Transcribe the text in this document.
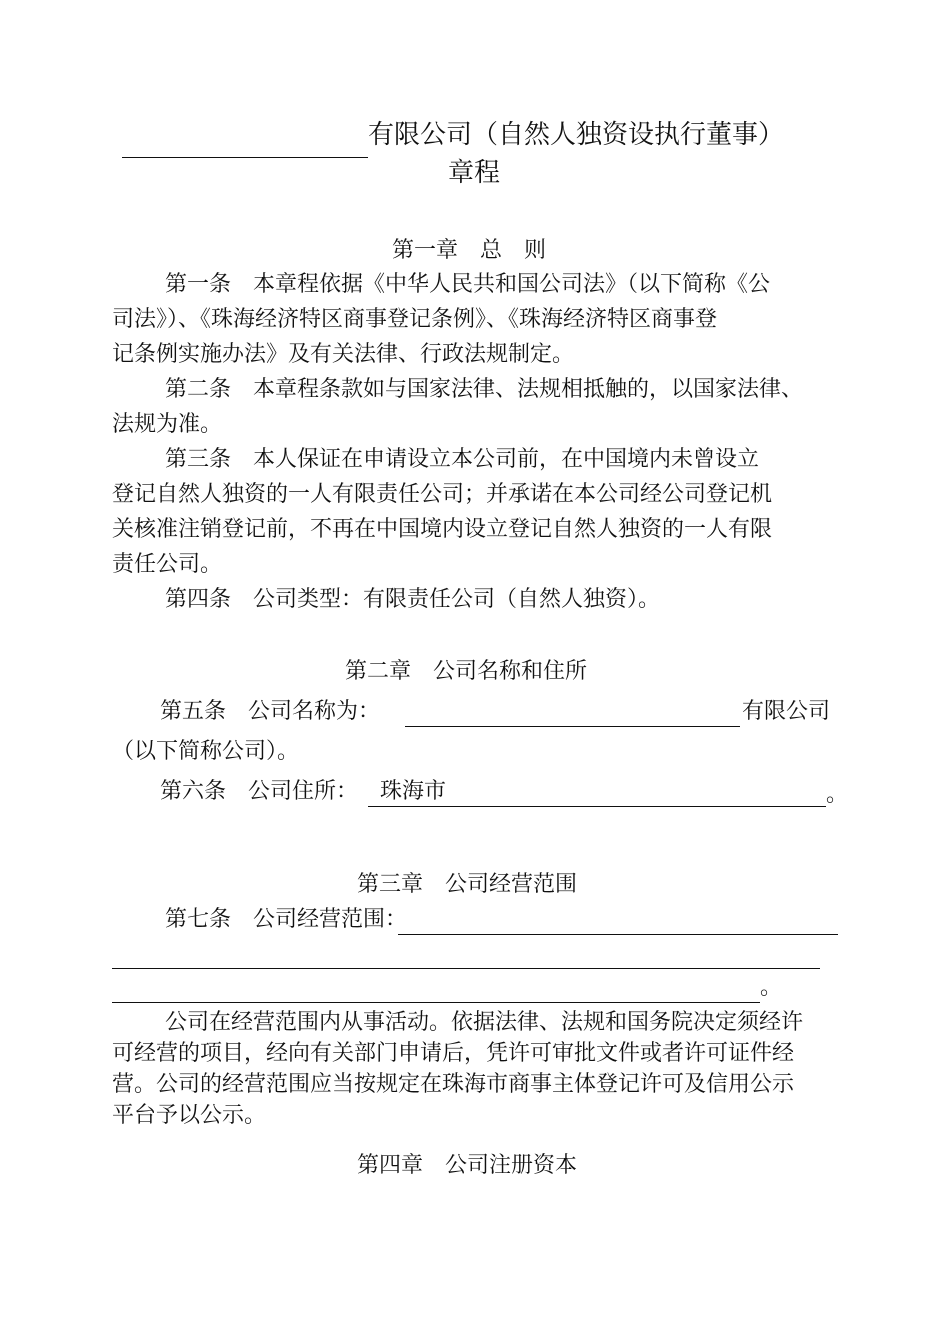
有限公司（自然人独资设执行董事）
章程
第一章　总　则
第一条　本章程依据《中华人民共和国公司法》（以下简称《公
司法》）、《珠海经济特区商事登记条例》、《珠海经济特区商事登
记条例实施办法》及有关法律、行政法规制定。
第二条　本章程条款如与国家法律、法规相抵触的，以国家法律、
法规为准。
第三条　本人保证在申请设立本公司前，在中国境内未曾设立
登记自然人独资的一人有限责任公司；并承诺在本公司经公司登记机
关核准注销登记前，不再在中国境内设立登记自然人独资的一人有限
责任公司。
第四条　公司类型：有限责任公司（自然人独资）。
第二章　公司名称和住所
第五条　公司名称为：	有限公司
（以下简称公司）。
第六条　公司住所： 珠海市	。
第三章　公司经营范围
第七条　公司经营范围：
。
公司在经营范围内从事活动。依据法律、法规和国务院决定须经许
可经营的项目，经向有关部门申请后，凭许可审批文件或者许可证件经
营。公司的经营范围应当按规定在珠海市商事主体登记许可及信用公示
平台予以公示。
第四章　公司注册资本
